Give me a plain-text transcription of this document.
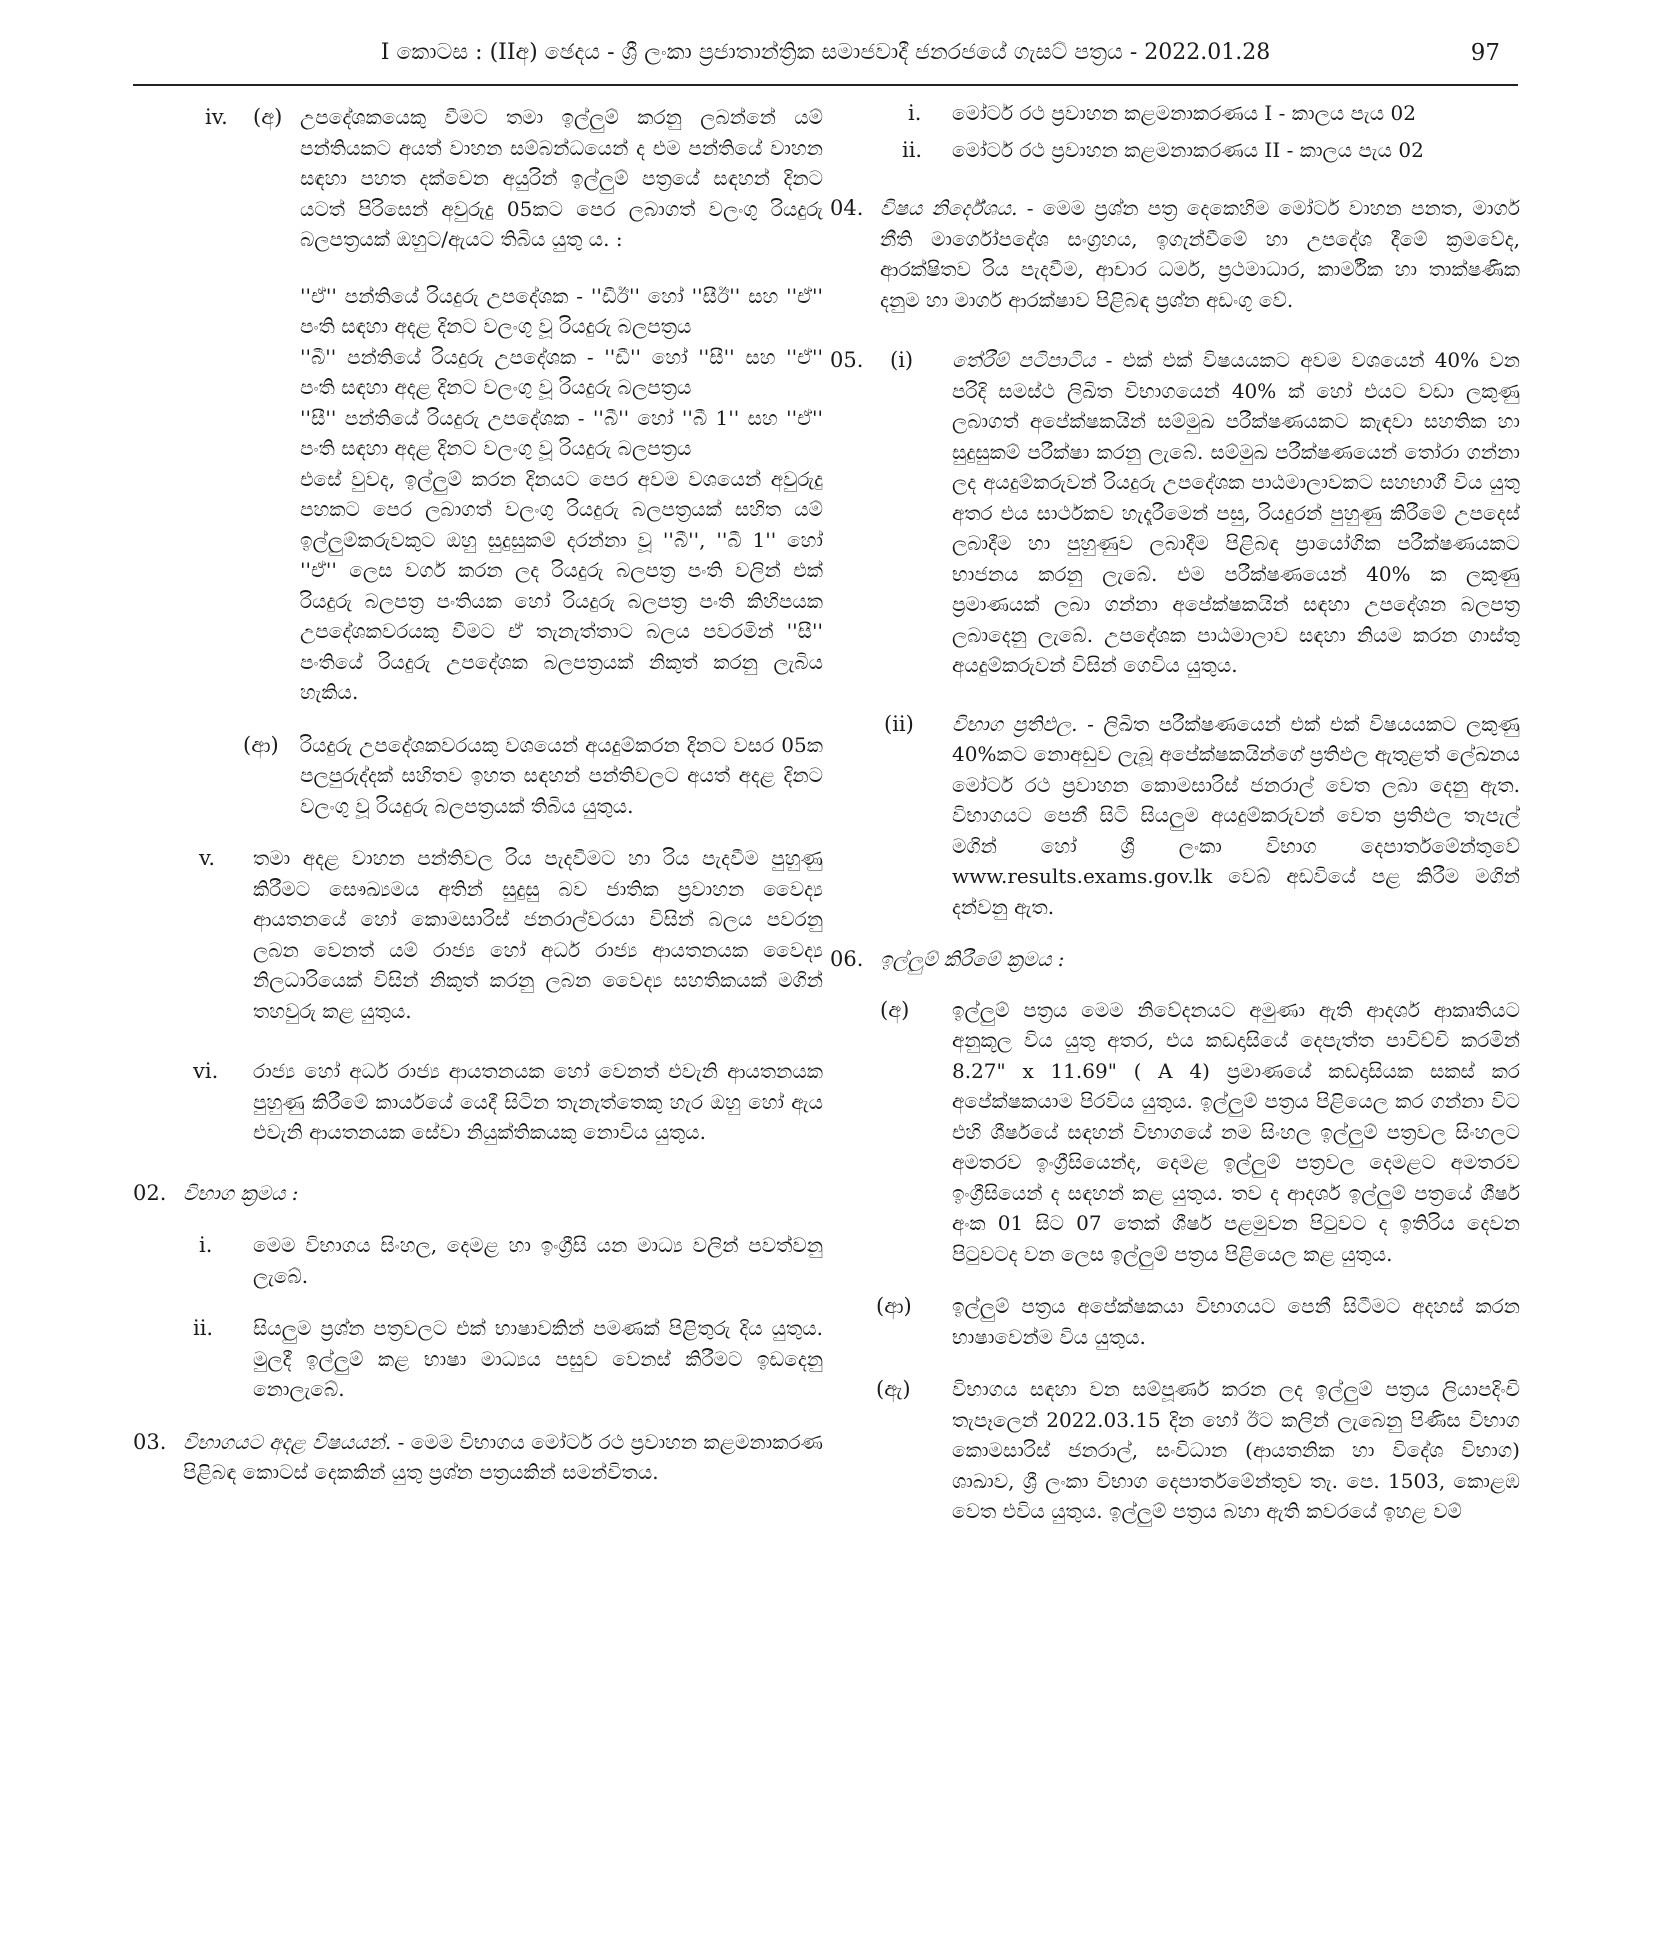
I කොටස : (IIඅ) ඡෙදය - ශ්‍රී ලංකා ප්‍රජාතාන්ත්‍රික සමාජවාදී ජනරජයේ ගැසට් පත්‍රය - 2022.01.28	97
iv. (අ) උපදේශකයෙකු වීමට තමා ඉල්ලුම් කරනු ලබන්නේ යම් පන්තියකට අයත් වාහන සම්බන්ධයෙන් ද එම පන්තියේ වාහන සඳහා පහත දක්වෙන අයුරින් ඉල්ලුම් පත්‍රයේ සඳහන් දිනට යටත් පිරිසෙන් අවුරුදු 05කට පෙර ලබාගත් වලංගු රියදුරු බලපත්‍රයක් ඔහුට/ඇයට තිබිය යුතු ය. :

''ඒ'' පන්තියේ රියදුරු උපදේශක - ''ඩීඊ'' හෝ ''සීඊ'' සහ ''ඒ'' පංති සඳහා අදළ දිනට වලංගු වූ රියදුරු බලපත්‍රය

''බී'' පන්තියේ රියදුරු උපදේශක - ''ඩී'' හෝ ''සී'' සහ ''ඒ'' පංති සඳහා අදළ දිනට වලංගු වූ රියදුරු බලපත්‍රය

''සී'' පන්තියේ රියදුරු උපදේශක - ''බී'' හෝ ''බී 1'' සහ ''ඒ'' පංති සඳහා අදළ දිනට වලංගු වූ රියදුරු බලපත්‍රය

එසේ වුවද, ඉල්ලුම් කරන දිනයට පෙර අවම වශයෙන් අවුරුදු පහකට පෙර ලබාගත් වලංගු රියදුරු බලපත්‍රයක් සහිත යම් ඉල්ලුම්කරුවකුට ඔහු සුදුසුකම් දරන්නා වූ ''බී'', ''බී 1'' හෝ ''ඒ'' ලෙස වර්ග කරන ලද රියදුරු බලපත්‍ර පංති වලින් එක් රියදුරු බලපත්‍ර පංතියක හෝ රියදුරු බලපත්‍ර පංති කිහිපයක උපදේශකවරයකු වීමට ඒ තැනැත්තාට බලය පවරමින් ''සී'' පංතියේ රියදුරු උපදේශක බලපත්‍රයක් නිකුත් කරනු ලැබිය හැකිය.

(ආ) රියදුරු උපදේශකවරයකු වශයෙන් අයදුම්කරන දිනට වසර 05ක පලපුරුද්දක් සහිතව ඉහත සඳහන් පන්තිවලට අයත් අදළ දිනට වලංගු වූ රියදුරු බලපත්‍රයක් තිබිය යුතුය.
v. තමා අදළ වාහන පන්තිවල රිය පැදවීමට හා රිය පැදවීම පුහුණු කිරීමට සෞඛ්‍යමය අතින් සුදුසු බව ජාතික ප්‍රවාහන වෛද්‍ය ආයතනයේ හෝ කොමසාරිස් ජනරාල්වරයා විසින් බලය පවරනු ලබන වෙනත් යම් රාජ්‍ය හෝ අර්ධ රාජ්‍ය ආයතනයක වෛද්‍ය නිලධාරියෙක් විසින් නිකුත් කරනු ලබන වෛද්‍ය සහතිකයක් මගින් තහවුරු කළ යුතුය.
vi. රාජ්‍ය හෝ අර්ධ රාජ්‍ය ආයතනයක හෝ වෙනත් එවැනි ආයතනයක පුහුණු කිරීමේ කාර්යයේ යෙදී සිටින තැනැත්තෙකු හැර ඔහු හෝ ඇය එවැනි ආයතනයක සේවා නියුක්තිකයකු නොවිය යුතුය.
02. විභාග ක්‍රමය :
i. මෙම විභාගය සිංහල, දෙමළ හා ඉංග්‍රීසි යන මාධ්‍ය වලින් පවත්වනු ලැබේ.
ii. සියලුම ප්‍රශ්න පත්‍රවලට එක් භාෂාවකින් පමණක් පිළිතුරු දිය යුතුය. මුලදී ඉල්ලුම් කළ භාෂා මාධ්‍යය පසුව වෙනස් කිරීමට ඉඩදෙනු නොලැබේ.
03. විභාගයට අදළ විෂයයන්. - මෙම විභාගය මෝටර් රථ ප්‍රවාහන කළමනාකරණ පිළිබඳ කොටස් දෙකකින් යුතු ප්‍රශ්න පත්‍රයකින් සමන්විතය.
i. මෝටර් රථ ප්‍රවාහන කළමනාකරණය I - කාලය පැය 02
ii. මෝටර් රථ ප්‍රවාහන කළමනාකරණය II - කාලය පැය 02
04. විෂය නිර්දේශය. - මෙම ප්‍රශ්න පත්‍ර දෙකෙහිම මෝටර් වාහන පනත, මාර්ග නීති මාර්ගෝපදේශ සංග්‍රහය, ඉගැන්වීමේ හා උපදේශ දීමේ ක්‍රමවේද, ආරක්ෂිතව රිය පැදවීම, ආචාර ධර්ම, ප්‍රථමාධාර, කාර්මික හා තාක්ෂණික දනුම හා මාර්ග ආරක්ෂාව පිළිබඳ ප්‍රශ්න අඩංගු වේ.
05. (i) තේරීම් පටිපාටිය - එක් එක් විෂයයකට අවම වශයෙන් 40% වන පරිදි සමස්ථ ලිඛිත විභාගයෙන් 40% ක් හෝ එයට වඩා ලකුණු ලබාගත් අපේක්ෂකයින් සම්මුඛ පරීක්ෂණයකට කැඳවා සහතික හා සුදුසුකම් පරීක්ෂා කරනු ලැබේ. සම්මුඛ පරීක්ෂණයෙන් තෝරා ගන්නා ලද අයදුම්කරුවන් රියදුරු උපදේශක පාඨමාලාවකට සහභාගී විය යුතු අතර එය සාර්ථකව හැදෑරීමෙන් පසු, රියදුරන් පුහුණු කිරීමේ උපදෙස් ලබාදීම හා පුහුණුව ලබාදීම පිළිබඳ ප්‍රායෝගික පරීක්ෂණයකට භාජනය කරනු ලැබේ. එම පරීක්ෂණයෙන් 40% ක ලකුණු ප්‍රමාණයක් ලබා ගන්නා අපේක්ෂකයින් සඳහා උපදේශන බලපත්‍ර ලබාදෙනු ලැබේ. උපදේශක පාඨමාලාව සඳහා නියම කරන ගාස්තු අයදුම්කරුවන් විසින් ගෙවිය යුතුය.
(ii) විභාග ප්‍රතිඵල. - ලිඛිත පරීක්ෂණයෙන් එක් එක් විෂයයකට ලකුණු 40%කට නොඅඩුව ලැබූ අපේක්ෂකයින්ගේ ප්‍රතිඵල ඇතුළත් ලේඛනය මෝටර් රථ ප්‍රවාහන කොමසාරිස් ජනරාල් වෙත ලබා දෙනු ඇත. විභාගයට පෙනී සිටි සියලුම අයදුම්කරුවන් වෙත ප්‍රතිඵල තැපැල් මගින් හෝ ශ්‍රී ලංකා විභාග දෙපාර්තමේන්තුවේ www.results.exams.gov.lk වෙබ් අඩවියේ පළ කිරීම මගින් දන්වනු ඇත.
06. ඉල්ලුම් කිරීමේ ක්‍රමය :
(අ) ඉල්ලුම් පත්‍රය මෙම නිවේදනයට අමුණා ඇති ආදර්ශ ආකෘතියට අනුකූල විය යුතු අතර, එය කඩදාසියේ දෙපැත්ත පාවිච්චි කරමින් 8.27" x 11.69" ( A 4) ප්‍රමාණයේ කඩදාසියක සකස් කර අපේක්ෂකයාම පිරවිය යුතුය. ඉල්ලුම් පත්‍රය පිළියෙල කර ගන්නා විට එහි ශීර්ෂයේ සඳහන් විභාගයේ නම සිංහල ඉල්ලුම් පත්‍රවල සිංහලට අමතරව ඉංග්‍රීසියෙන්ද, දෙමළ ඉල්ලුම් පත්‍රවල දෙමළට අමතරව ඉංග්‍රීසියෙන් ද සඳහන් කළ යුතුය. තව ද ආදර්ශ ඉල්ලුම් පත්‍රයේ ශීර්ෂ අංක 01 සිට 07 තෙක් ශීර්ෂ පළමුවන පිටුවට ද ඉතිරිය දෙවන පිටුවටද වන ලෙස ඉල්ලුම් පත්‍රය පිළියෙල කළ යුතුය.
(ආ) ඉල්ලුම් පත්‍රය අපේක්ෂකයා විභාගයට පෙනී සිටීමට අදහස් කරන භාෂාවෙන්ම විය යුතුය.
(ඇ) විභාගය සඳහා වන සම්පූර්ණ කරන ලද ඉල්ලුම් පත්‍රය ලියාපදිංචි තැපෑලෙන් 2022.03.15 දින හෝ ඊට කලින් ලැබෙනු පිණිස විභාග කොමසාරිස් ජනරාල්, සංවිධාන (ආයතනික හා විදේශ විභාග) ශාඛාව, ශ්‍රී ලංකා විභාග දෙපාර්තමේන්තුව තැ. පෙ. 1503, කොළඹ වෙත එවිය යුතුය. ඉල්ලුම් පත්‍රය බහා ඇති කවරයේ ඉහළ වම්
